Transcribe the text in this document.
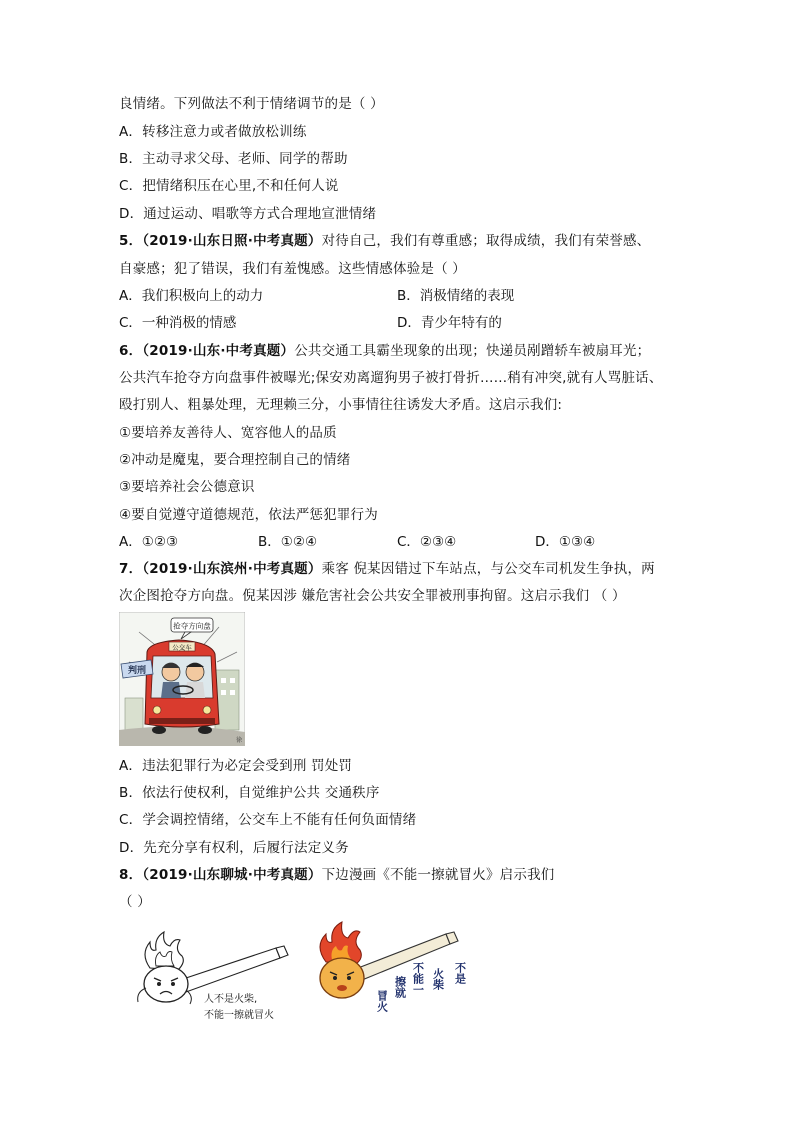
良情绪。下列做法不利于情绪调节的是（ ）
A．转移注意力或者做放松训练
B．主动寻求父母、老师、同学的帮助
C．把情绪积压在心里,不和任何人说
D．通过运动、唱歌等方式合理地宣泄情绪
5．（2019·山东日照·中考真题）对待自己，我们有尊重感；取得成绩，我们有荣誉感、
自豪感；犯了错误，我们有羞愧感。这些情感体验是（ ）
A．我们积极向上的动力	B．消极情绪的表现
C．一种消极的情感	D．青少年特有的
6．（2019·山东·中考真题）公共交通工具霸坐现象的出现；快递员剐蹭轿车被扇耳光；
公共汽车抢夺方向盘事件被曝光;保安劝离遛狗男子被打骨折……稍有冲突,就有人骂脏话、
殴打别人、粗暴处理，无理赖三分，小事情往往诱发大矛盾。这启示我们:
①要培养友善待人、宽容他人的品质
②冲动是魔鬼，要合理控制自己的情绪
③要培养社会公德意识
④要自觉遵守道德规范，依法严惩犯罪行为
A．①②③	B．①②④	C．②③④	D．①③④
7．（2019·山东滨州·中考真题）乘客 倪某因错过下车站点，与公交车司机发生争执，两
次企图抢夺方向盘。倪某因涉 嫌危害社会公共安全罪被刑事拘留。这启示我们 （ ）
抢夺方向盘
公交车
判刑
徐
A．违法犯罪行为必定会受到刑 罚处罚
B．依法行使权利，自觉维护公共 交通秩序
C．学会调控情绪，公交车上不能有任何负面情绪
D．先充分享有权利，后履行法定义务
8．（2019·山东聊城·中考真题）下边漫画《不能一擦就冒火》启示我们
（ ）
人不是火柴,
不能一擦就冒火
冒火
擦就 不能一 火柴 不是
